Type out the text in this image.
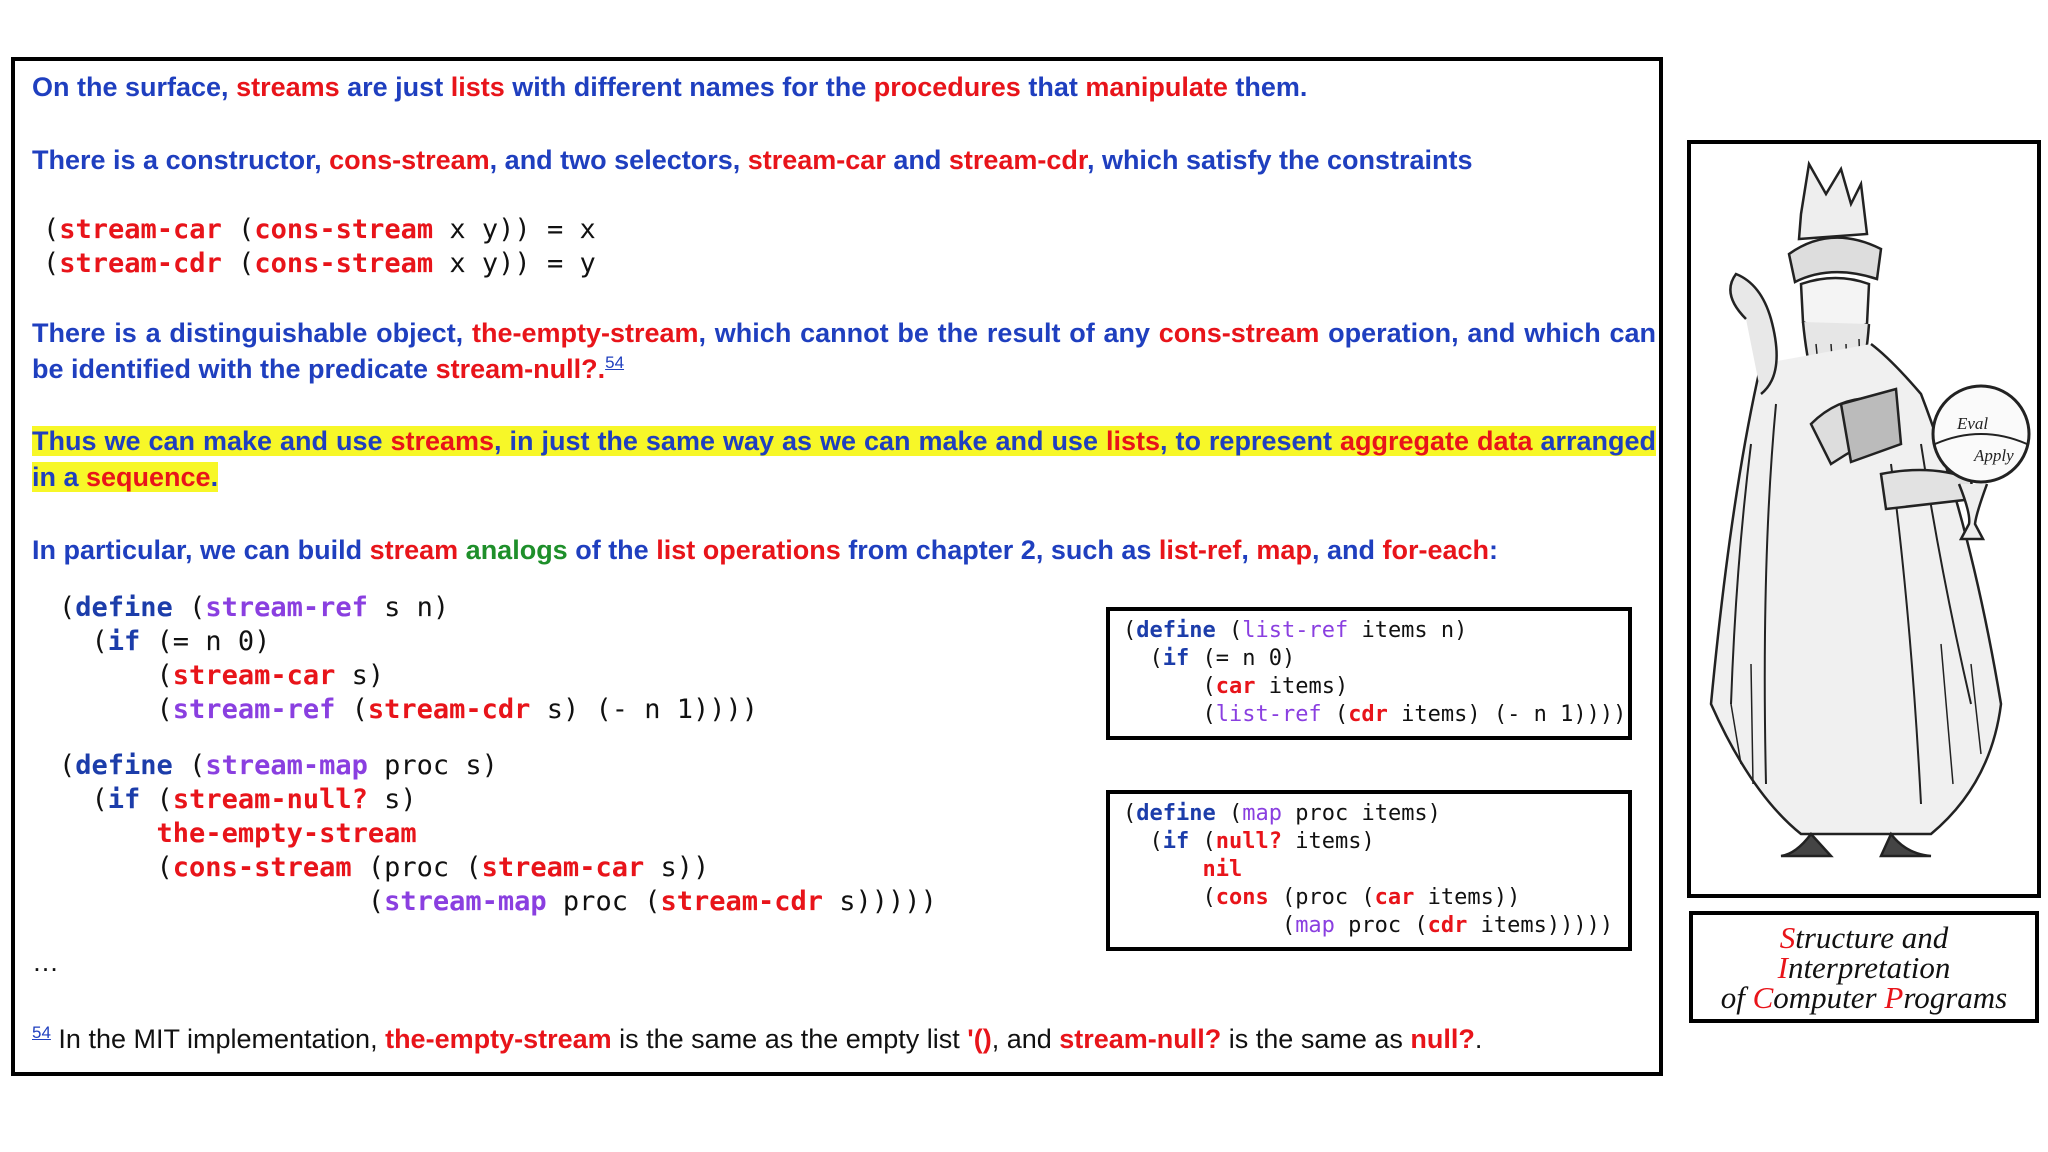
On the surface, streams are just lists with different names for the procedures that manipulate them.
There is a constructor, cons-stream, and two selectors, stream-car and stream-cdr, which satisfy the constraints
(stream-car (cons-stream x y)) = x
(stream-cdr (cons-stream x y)) = y
There is a distinguishable object, the-empty-stream, which cannot be the result of any cons-stream operation, and which can be identified with the predicate stream-null?.$^{54}$
Thus we can make and use streams, in just the same way as we can make and use lists, to represent aggregate data arranged in a sequence.
In particular, we can build stream analogs of the list operations from chapter 2, such as list-ref, map, and for-each:
(define (stream-ref s n)
(if (= n 0)
(stream-car s)
(stream-ref (stream-cdr s) (- n 1))))
(define (stream-map proc s)
(if (stream-null? s)
the-empty-stream
(cons-stream (proc (stream-car s))
(stream-map proc (stream-cdr s)))))
…
(define (list-ref items n)
(if (= n 0)
(car items)
(list-ref (cdr items) (- n 1))))
(define (map proc items)
(if (null? items)
nil
(cons (proc (car items))
(map proc (cdr items)))))
$^{54}$ In the MIT implementation, the-empty-stream is the same as the empty list '(), and stream-null? is the same as null?.
Eval
Apply
Structure and
Interpretation
of Computer Programs
